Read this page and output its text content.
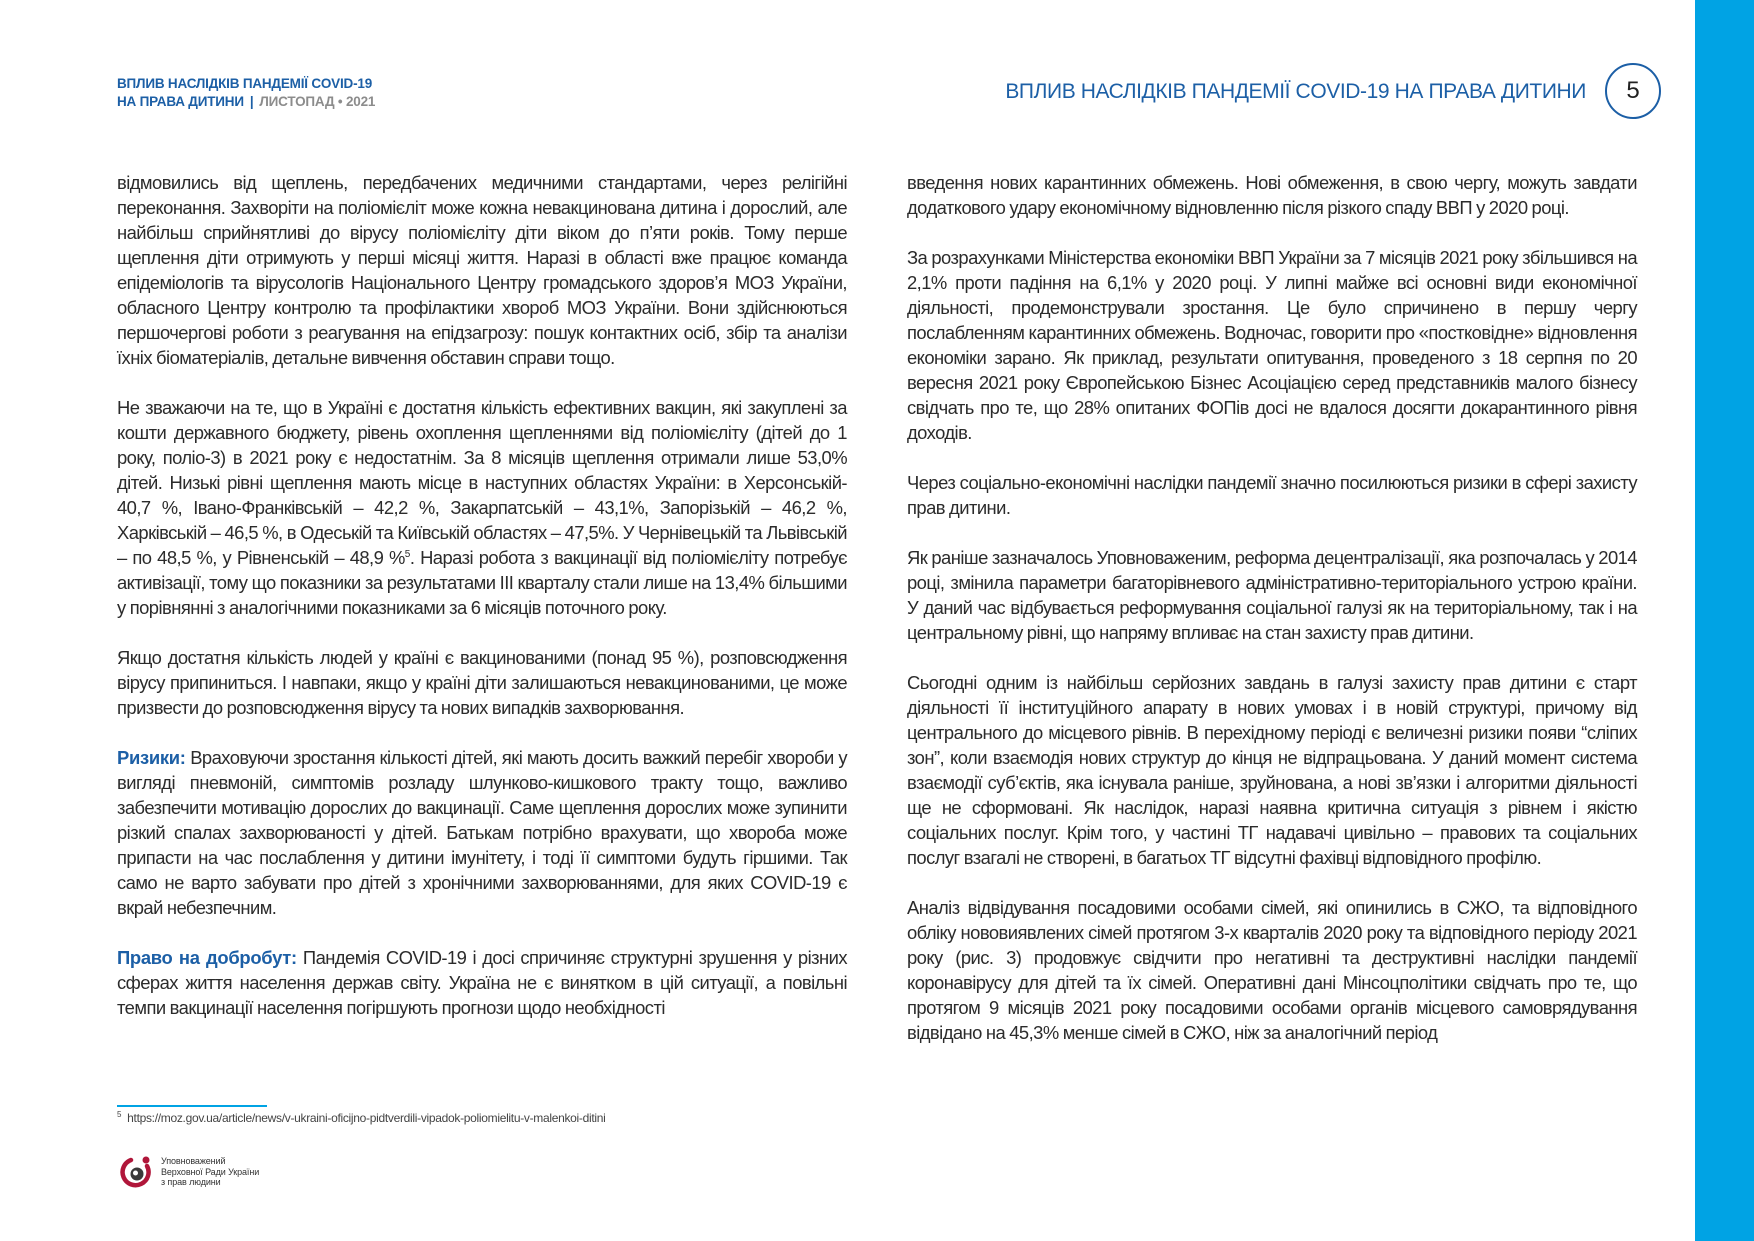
ВПЛИВ НАСЛІДКІВ ПАНДЕМІЇ COVID-19
НА ПРАВА ДИТИНИ | ЛИСТОПАД • 2021	ВПЛИВ НАСЛІДКІВ ПАНДЕМІЇ COVID-19 НА ПРАВА ДИТИНИ	5

відмовились від щеплень, передбачених медичними стандартами, через релігійні переконання. Захворіти на поліомієліт може кожна невакцинована дитина і дорослий, але найбільш сприйнятливі до вірусу поліомієліту діти віком до п’яти років. Тому перше щеплення діти отримують у перші місяці життя. Наразі в області вже працює команда епідеміологів та вірусологів Національного Центру громадського здоров’я МОЗ України, обласного Центру контролю та профілактики хвороб МОЗ України. Вони здійснюються першочергові роботи з реагування на епідзагрозу: пошук контактних осіб, збір та аналізи їхніх біоматеріалів, детальне вивчення обставин справи тощо.

Не зважаючи на те, що в Україні є достатня кількість ефективних вакцин, які закуплені за кошти державного бюджету, рівень охоплення щепленнями від поліомієліту (дітей до 1 року, поліо-3) в 2021 року є недостатнім. За 8 місяців щеплення отримали лише 53,0% дітей. Низькі рівні щеплення мають місце в наступних областях України: в Херсонській- 40,7 %, Івано-Франківській – 42,2 %, Закарпатській – 43,1%, Запорізькій – 46,2 %, Харківській – 46,5 %, в Одеській та Київській областях – 47,5%. У Чернівецькій та Львівській – по 48,5 %, у Рівненській – 48,9 %$^5$. Наразі робота з вакцинації від поліомієліту потребує активізації, тому що показники за результатами III кварталу стали лише на 13,4% більшими у порівнянні з аналогічними показниками за 6 місяців поточного року.

Якщо достатня кількість людей у країні є вакцинованими (понад 95 %), розповсюдження вірусу припиниться. І навпаки, якщо у країні діти залишаються невакцинованими, це може призвести до розповсюдження вірусу та нових випадків захворювання.

Ризики: Враховуючи зростання кількості дітей, які мають досить важкий перебіг хвороби у вигляді пневмоній, симптомів розладу шлунково-кишкового тракту тощо, важливо забезпечити мотивацію дорослих до вакцинації. Саме щеплення дорослих може зупинити різкий спалах захворюваності у дітей. Батькам потрібно врахувати, що хвороба може припасти на час послаблення у дитини імунітету, і тоді її симптоми будуть гіршими. Так само не варто забувати про дітей з хронічними захворюваннями, для яких COVID-19 є вкрай небезпечним.

Право на добробут: Пандемія COVID-19 і досі спричиняє структурні зрушення у різних сферах життя населення держав світу. Україна не є винятком в цій ситуації, а повільні темпи вакцинації населення погіршують прогнози щодо необхідності

введення нових карантинних обмежень. Нові обмеження, в свою чергу, можуть завдати додаткового удару економічному відновленню після різкого спаду ВВП у 2020 році.

За розрахунками Міністерства економіки ВВП України за 7 місяців 2021 року збільшився на 2,1% проти падіння на 6,1% у 2020 році. У липні майже всі основні види економічної діяльності, продемонстрували зростання. Це було спричинено в першу чергу послабленням карантинних обмежень. Водночас, говорити про «постковідне» відновлення економіки зарано. Як приклад, результати опитування, проведеного з 18 серпня по 20 вересня 2021 року Європейською Бізнес Асоціацією серед представників малого бізнесу свідчать про те, що 28% опитаних ФОПів досі не вдалося досягти докарантинного рівня доходів.

Через соціально-економічні наслідки пандемії значно посилюються ризики в сфері захисту прав дитини.

Як раніше зазначалось Уповноваженим, реформа децентралізації, яка розпочалась у 2014 році, змінила параметри багаторівневого адміністративно-територіального устрою країни. У даний час відбувається реформування соціальної галузі як на територіальному, так і на центральному рівні, що напряму впливає на стан захисту прав дитини.

Сьогодні одним із найбільш серйозних завдань в галузі захисту прав дитини є старт діяльності її інституційного апарату в нових умовах і в новій структурі, причому від центрального до місцевого рівнів. В перехідному періоді є величезні ризики появи “сліпих зон”, коли взаємодія нових структур до кінця не відпрацьована. У даний момент система взаємодії суб’єктів, яка існувала раніше, зруйнована, а нові зв’язки і алгоритми діяльності ще не сформовані. Як наслідок, наразі наявна критична ситуація з рівнем і якістю соціальних послуг. Крім того, у частині ТГ надавачі цивільно – правових та соціальних послуг взагалі не створені, в багатьох ТГ відсутні фахівці відповідного профілю.

Аналіз відвідування посадовими особами сімей, які опинились в СЖО, та відповідного обліку нововиявлених сімей протягом 3-х кварталів 2020 року та відповідного періоду 2021 року (рис. 3) продовжує свідчити про негативні та деструктивні наслідки пандемії коронавірусу для дітей та їх сімей. Оперативні дані Мінсоцполітики свідчать про те, що протягом 9 місяців 2021 року посадовими особами органів місцевого самоврядування відвідано на 45,3% менше сімей в СЖО, ніж за аналогічний період

$^5$ https://moz.gov.ua/article/news/v-ukraini-oficijno-pidtverdili-vipadok-poliomielitu-v-malenkoi-ditini
Уповноважений
Верховної Ради України
з прав людини
